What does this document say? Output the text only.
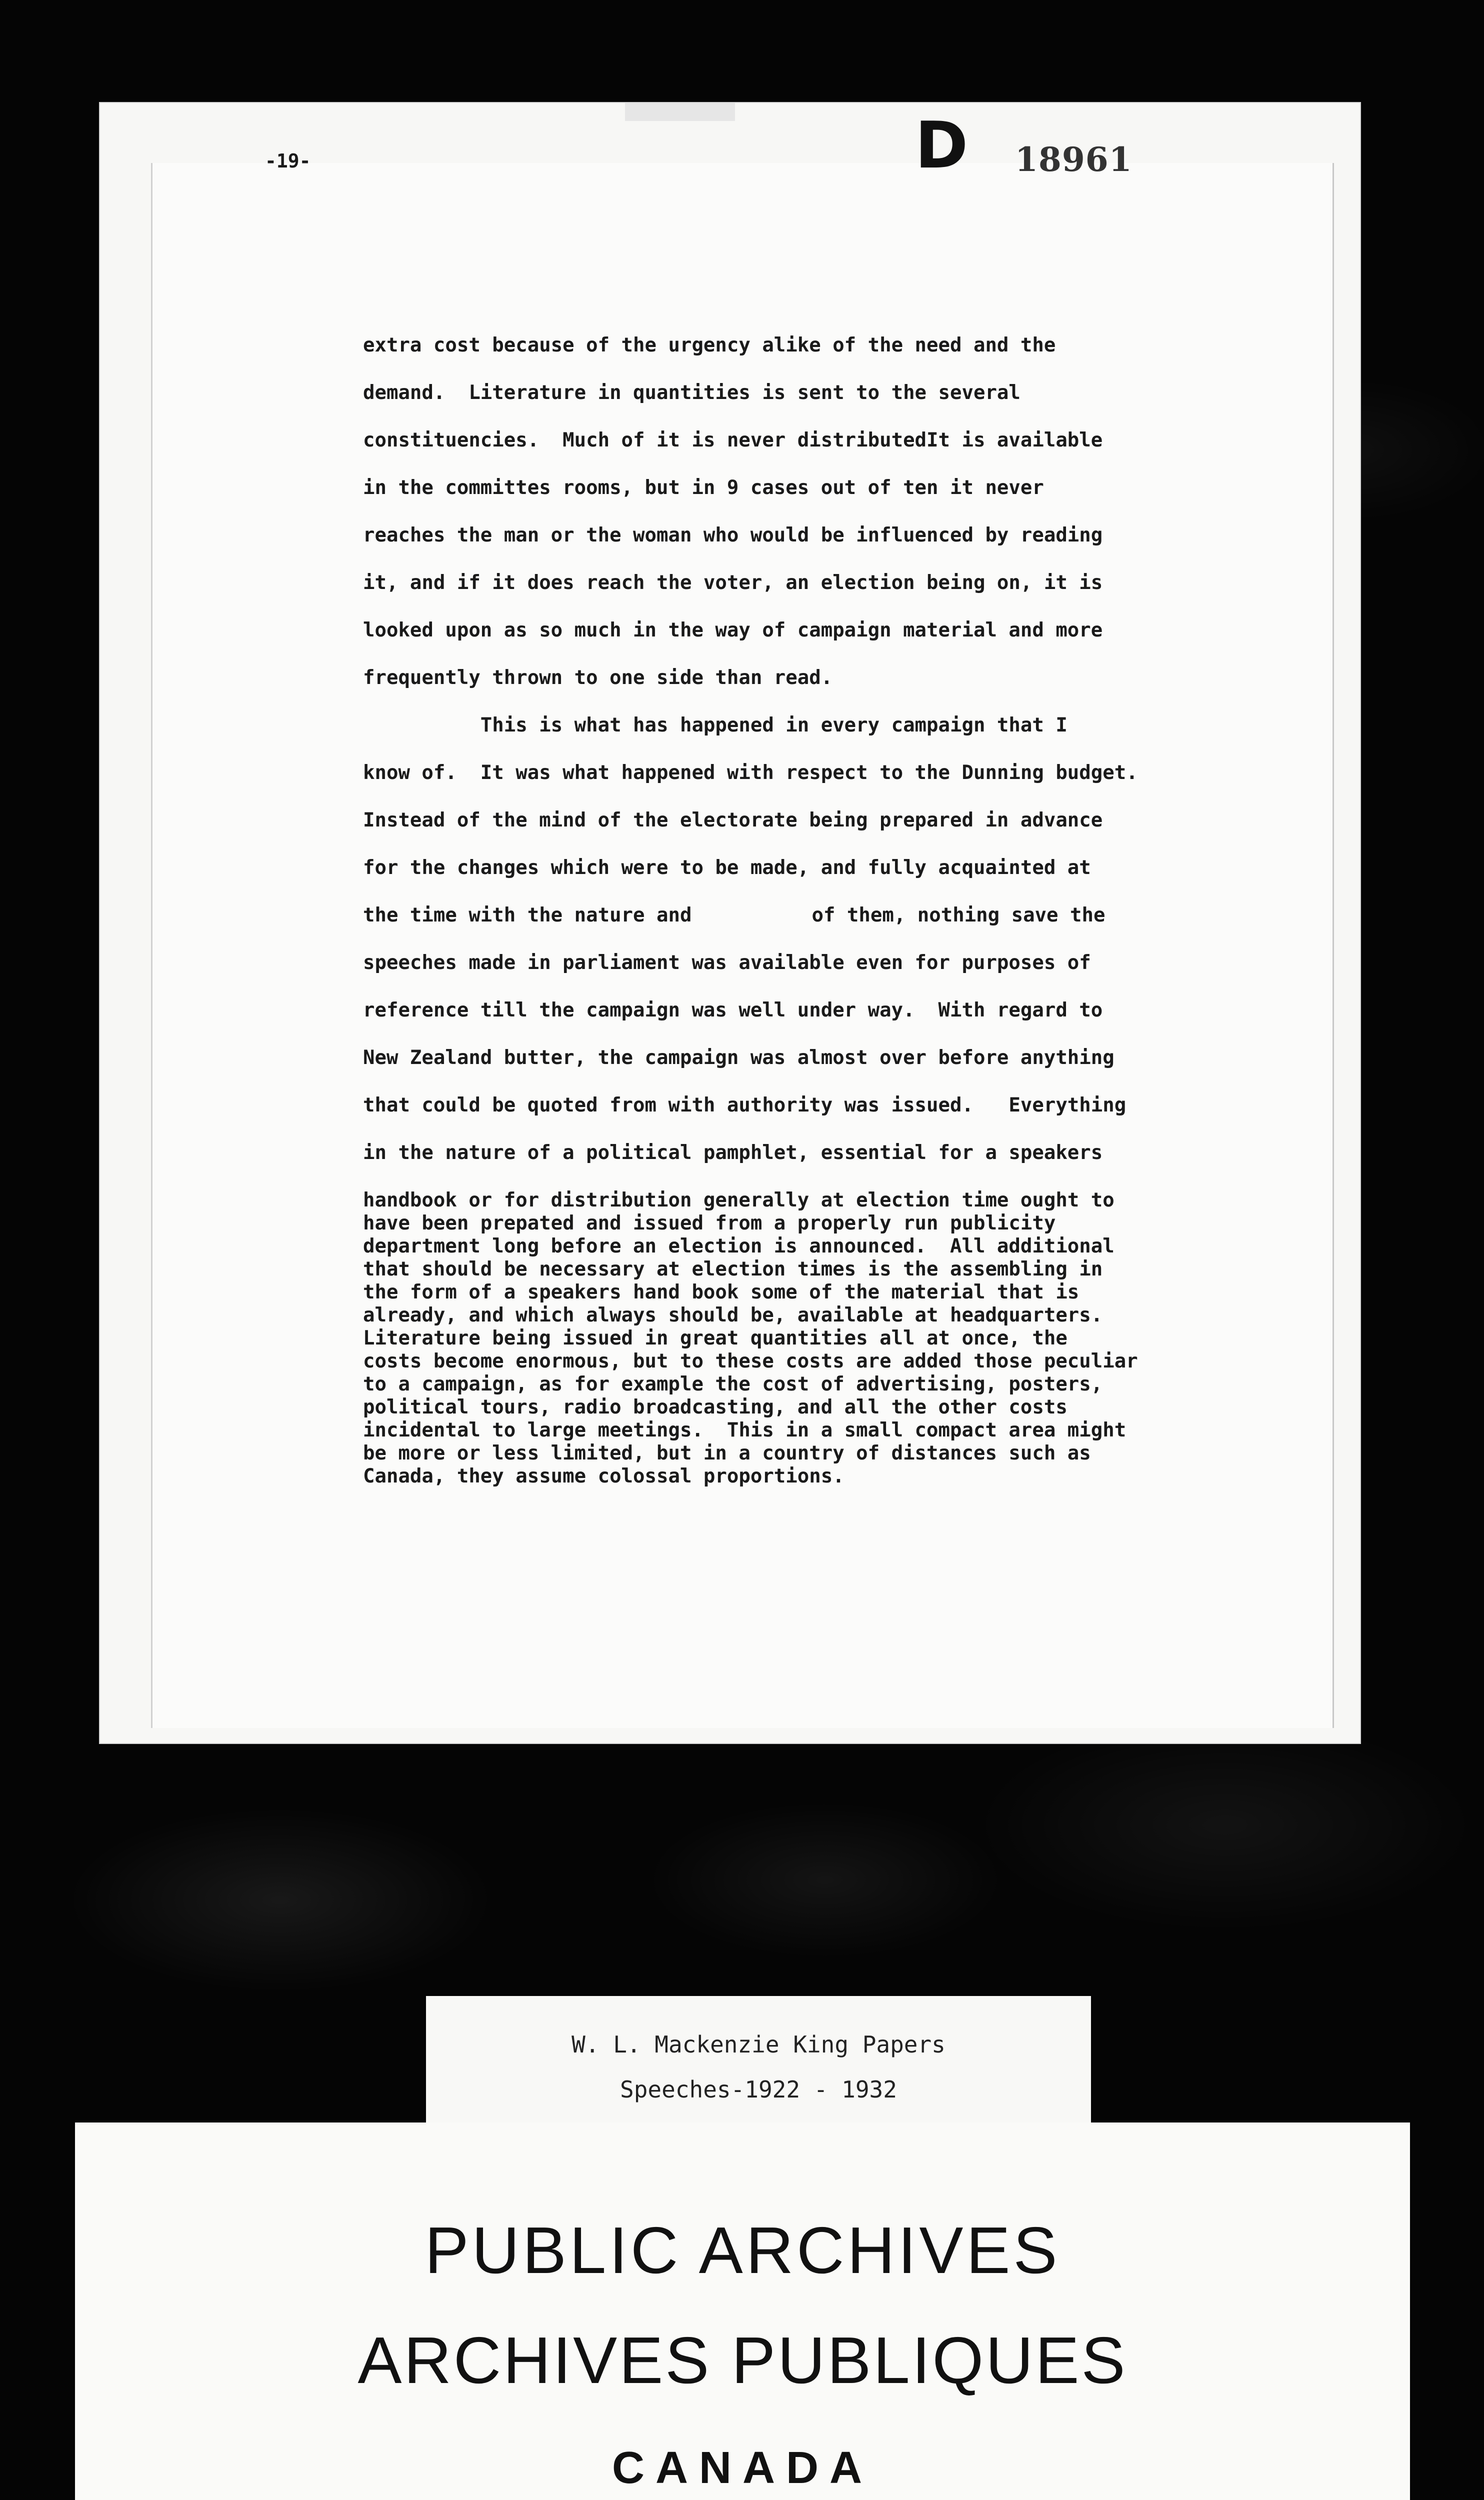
-19-	D 18961
extra cost because of the urgency alike of the need and the
demand.  Literature in quantities is sent to the several
constituencies.  Much of it is never distributedIt is available
in the committes rooms, but in 9 cases out of ten it never
reaches the man or the woman who would be influenced by reading
it, and if it does reach the voter, an election being on, it is
looked upon as so much in the way of campaign material and more
frequently thrown to one side than read.
This is what has happened in every campaign that I
know of.  It was what happened with respect to the Dunning budget.
Instead of the mind of the electorate being prepared in advance
for the changes which were to be made, and fully acquainted at
the time with the nature and	of them, nothing save the
speeches made in parliament was available even for purposes of
reference till the campaign was well under way.  With regard to
New Zealand butter, the campaign was almost over before anything
that could be quoted from with authority was issued.   Everything
in the nature of a political pamphlet, essential for a speakers
handbook or for distribution generally at election time ought to
have been prepated and issued from a properly run publicity
department long before an election is announced.  All additional
that should be necessary at election times is the assembling in
the form of a speakers hand book some of the material that is
already, and which always should be, available at headquarters.
Literature being issued in great quantities all at once, the
costs become enormous, but to these costs are added those peculiar
to a campaign, as for example the cost of advertising, posters,
political tours, radio broadcasting, and all the other costs
incidental to large meetings.  This in a small compact area might
be more or less limited, but in a country of distances such as
Canada, they assume colossal proportions.
W. L. Mackenzie King Papers
Speeches-1922 - 1932
PUBLIC ARCHIVES
ARCHIVES PUBLIQUES
CANADA
